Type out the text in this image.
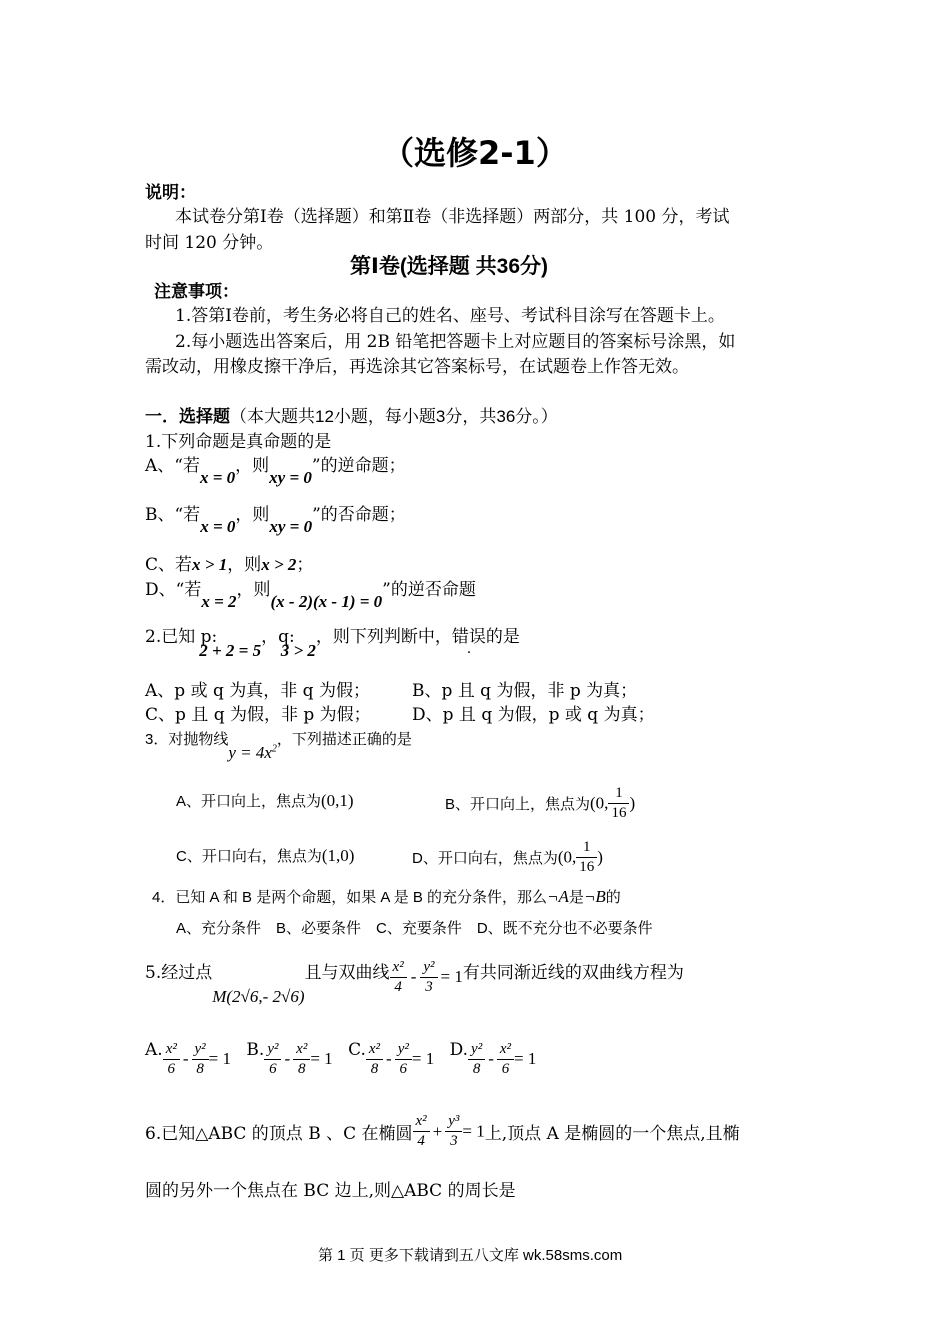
（选修2-1）
说明：
本试卷分第Ⅰ卷（选择题）和第Ⅱ卷（非选择题）两部分，共 100 分，考试
时间 120 分钟。
第Ⅰ卷(选择题 共36分)
注意事项：
1.答第Ⅰ卷前，考生务必将自己的姓名、座号、考试科目涂写在答题卡上。
2.每小题选出答案后，用 2B 铅笔把答题卡上对应题目的答案标号涂黑，如
需改动，用橡皮擦干净后，再选涂其它答案标号，在试题卷上作答无效。
一．选择题（本大题共12小题，每小题3分，共36分。）
1.下列命题是真命题的是
A、“若x = 0，则xy = 0”的逆命题；
B、“若x = 0，则xy = 0”的否命题；
C、若x > 1，则x > 2；
D、“若x = 2，则(x - 2)(x - 1) = 0”的逆否命题
2.已知 p:2 + 2 = 5，q:3 > 2，则下列判断中，错误的是
A、p 或 q 为真，非 q 为假； B、p 且 q 为假，非 p 为真；
C、p 且 q 为假，非 p 为假； D、p 且 q 为假，p 或 q 为真；
3．对抛物线$y = 4x^2$，下列描述正确的是
A、开口向上，焦点为(0,1)	B、开口向上，焦点为(0, $\frac{1}{16}$ )
C、开口向右，焦点为(1,0)	D、开口向右，焦点为(0, $\frac{1}{16}$ )
4．已知 A 和 B 是两个命题，如果 A 是 B 的充分条件，那么¬A是¬B的
A、充分条件　B、必要条件　C、充要条件　D、既不充分也不必要条件
5.经过点M(2√6,- 2√6)且与双曲线 $\frac{\text{x²}}{4} - \frac{\text{y²}}{3} = 1$有共同渐近线的双曲线方程为
A. $\frac{\text{x²}}{6} - \frac{\text{y²}}{8} = 1$ B. $\frac{\text{y²}}{6} - \frac{\text{x²}}{8} = 1$ C. $\frac{\text{x²}}{8} - \frac{\text{y²}}{6} = 1$ D. $\frac{\text{y²}}{8} - \frac{\text{x²}}{6} = 1$
6.已知△ABC 的顶点 B 、C 在椭圆 $\frac{\text{x²}}{4} + \frac{\text{y³}}{3} = 1$上,顶点 A 是椭圆的一个焦点,且椭
圆的另外一个焦点在 BC 边上,则△ABC 的周长是
第 1 页 更多下载请到五八文库 wk.58sms.com
